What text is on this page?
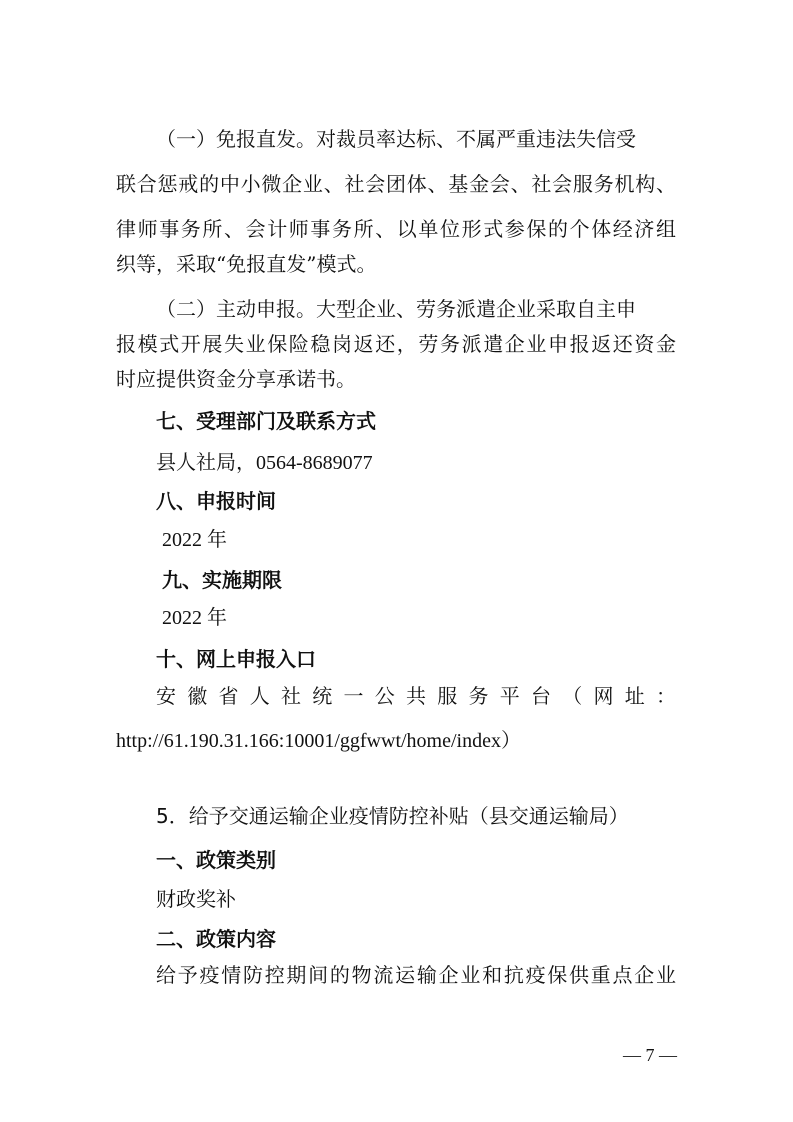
（一）免报直发。对裁员率达标、不属严重违法失信受
联合惩戒的中小微企业、社会团体、基金会、社会服务机构、
律师事务所、会计师事务所、以单位形式参保的个体经济组
织等，采取“免报直发”模式。
（二）主动申报。大型企业、劳务派遣企业采取自主申
报模式开展失业保险稳岗返还，劳务派遣企业申报返还资金
时应提供资金分享承诺书。
七、受理部门及联系方式
县人社局，0564-8689077
八、申报时间
2022 年
九、实施期限
2022 年
十、网上申报入口
安徽省人社统一公共服务平台（网址：
http://61.190.31.166:10001/ggfwwt/home/index）
5．给予交通运输企业疫情防控补贴（县交通运输局）
一、政策类别
财政奖补
二、政策内容
给予疫情防控期间的物流运输企业和抗疫保供重点企业
— 7 —
